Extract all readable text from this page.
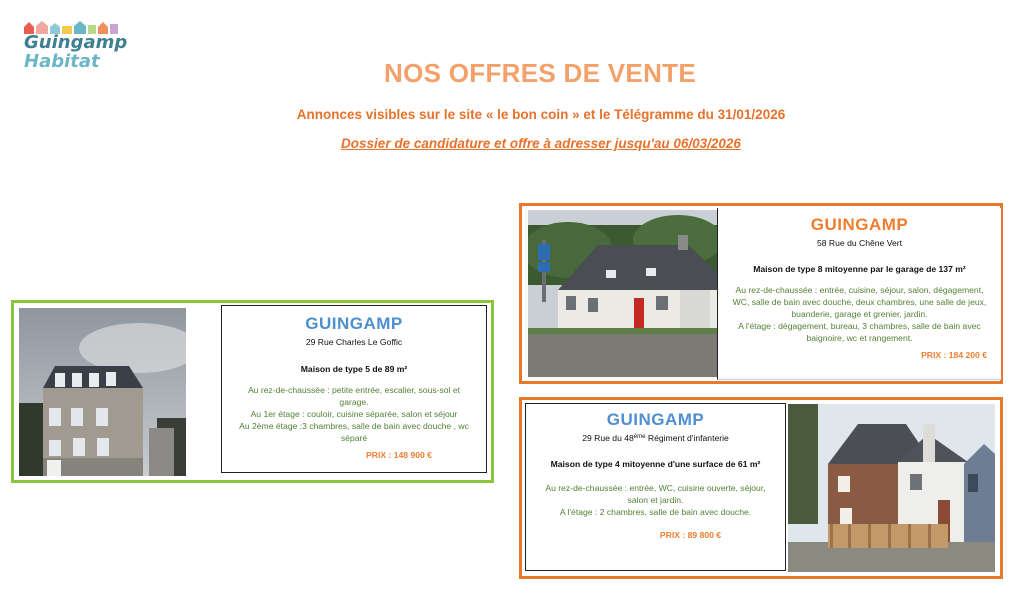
Guingamp
Habitat	NOS OFFRES DE VENTE
Annonces visibles sur le site « le bon coin » et le Télégramme du 31/01/2026
Dossier de candidature et offre à adresser jusqu'au 06/03/2026
GUINGAMP
29 Rue Charles Le Goffic
Maison de type 5 de 89 m²
Au rez-de-chaussée : petite entrée, escalier, sous-sol et garage.
Au 1er étage : couloir, cuisine séparée, salon et séjour
Au 2ème étage :3 chambres, salle de bain avec douche , wc séparé
PRIX : 148 900 €
GUINGAMP
58 Rue du Chêne Vert
Maison de type 8 mitoyenne par le garage de 137 m²
Au rez-de-chaussée : entrée, cuisine, séjour, salon, dégagement, WC, salle de bain avec douche, deux chambres, une salle de jeux, buanderie, garage et grenier, jardin.
A l'étage : dégagement, bureau, 3 chambres, salle de bain avec baignoire, wc et rangement.
PRIX : 184 200 €
GUINGAMP
29 Rue du 48ème Régiment d'infanterie
Maison de type 4 mitoyenne d'une surface de 61 m²
Au rez-de-chaussée : entrée, WC, cuisine ouverte, séjour, salon et jardin.
A l'étage : 2 chambres, salle de bain avec douche.
PRIX : 89 800 €
